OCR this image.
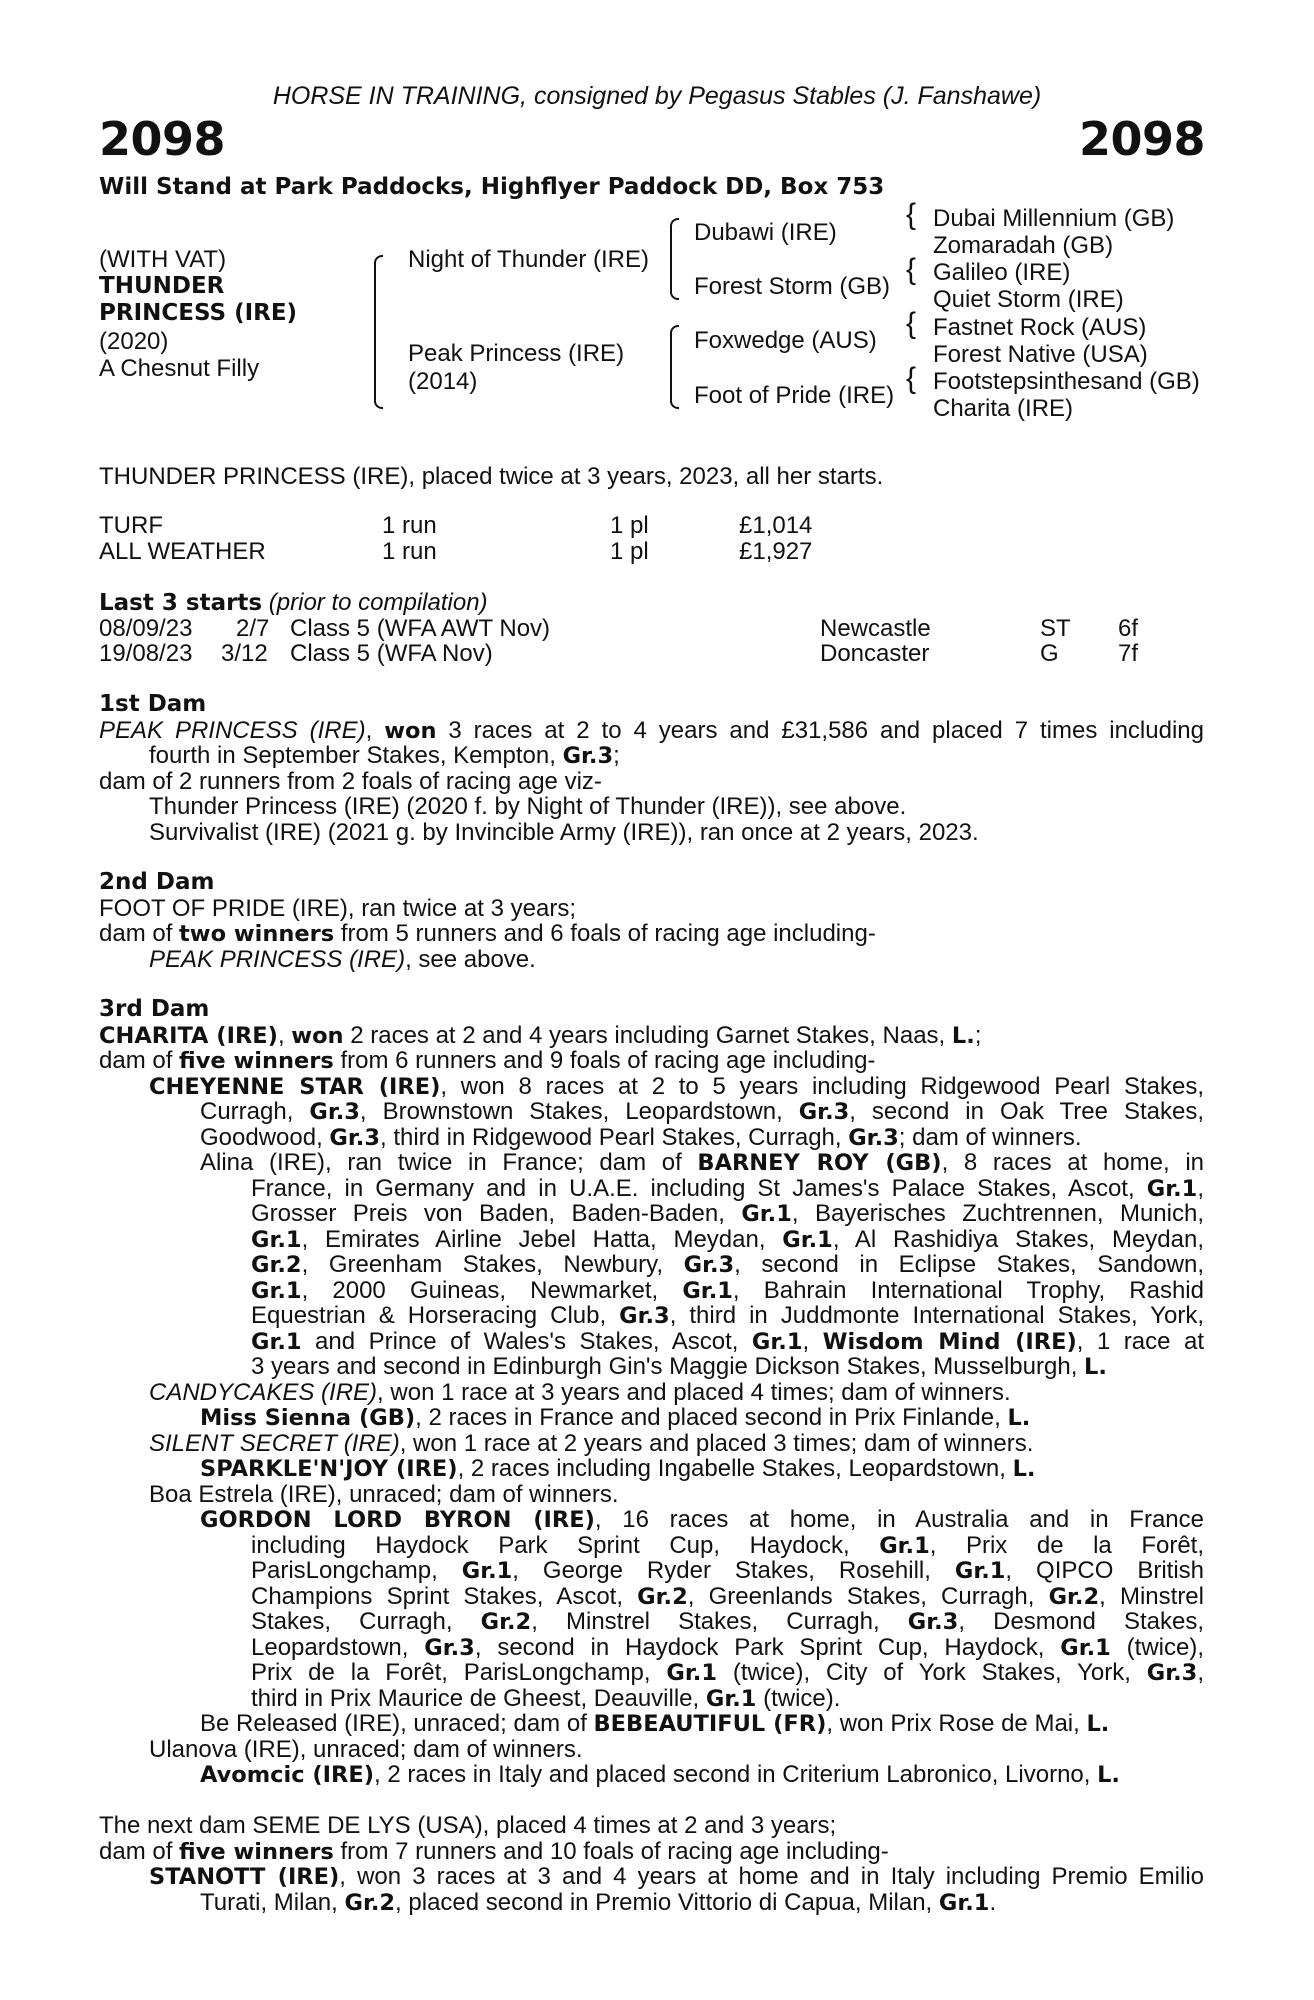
HORSE IN TRAINING, consigned by Pegasus Stables (J. Fanshawe)
2098	2098
Will Stand at Park Paddocks, Highflyer Paddock DD, Box 753
(WITH VAT)
THUNDER
PRINCESS (IRE)
(2020)
A Chesnut Filly
{
{
{
{
Night of Thunder (IRE)
Peak Princess (IRE)
(2014)
Dubawi (IRE)
Forest Storm (GB)
Foxwedge (AUS)
Foot of Pride (IRE)
Dubai Millennium (GB)
Zomaradah (GB)
Galileo (IRE)
Quiet Storm (IRE)
Fastnet Rock (AUS)
Forest Native (USA)
Footstepsinthesand (GB)
Charita (IRE)
THUNDER PRINCESS (IRE), placed twice at 3 years, 2023, all her starts.
TURF	1 run	1 pl	£1,014
ALL WEATHER	1 run	1 pl	£1,927
Last 3 starts (prior to compilation)
08/09/23 2/7 Class 5 (WFA AWT Nov)	Newcastle	ST 6f
19/08/23 3/12 Class 5 (WFA Nov)	Doncaster	G 7f
1st Dam
PEAK PRINCESS (IRE), won 3 races at 2 to 4 years and £31,586 and placed 7 times including
fourth in September Stakes, Kempton, Gr.3;
dam of 2 runners from 2 foals of racing age viz-
Thunder Princess (IRE) (2020 f. by Night of Thunder (IRE)), see above.
Survivalist (IRE) (2021 g. by Invincible Army (IRE)), ran once at 2 years, 2023.
2nd Dam
FOOT OF PRIDE (IRE), ran twice at 3 years;
dam of two winners from 5 runners and 6 foals of racing age including-
PEAK PRINCESS (IRE), see above.
3rd Dam
CHARITA (IRE), won 2 races at 2 and 4 years including Garnet Stakes, Naas, L.;
dam of five winners from 6 runners and 9 foals of racing age including-
CHEYENNE STAR (IRE), won 8 races at 2 to 5 years including Ridgewood Pearl Stakes,
Curragh, Gr.3, Brownstown Stakes, Leopardstown, Gr.3, second in Oak Tree Stakes,
Goodwood, Gr.3, third in Ridgewood Pearl Stakes, Curragh, Gr.3; dam of winners.
Alina (IRE), ran twice in France; dam of BARNEY ROY (GB), 8 races at home, in
France, in Germany and in U.A.E. including St James's Palace Stakes, Ascot, Gr.1,
Grosser Preis von Baden, Baden-Baden, Gr.1, Bayerisches Zuchtrennen, Munich,
Gr.1, Emirates Airline Jebel Hatta, Meydan, Gr.1, Al Rashidiya Stakes, Meydan,
Gr.2, Greenham Stakes, Newbury, Gr.3, second in Eclipse Stakes, Sandown,
Gr.1, 2000 Guineas, Newmarket, Gr.1, Bahrain International Trophy, Rashid
Equestrian & Horseracing Club, Gr.3, third in Juddmonte International Stakes, York,
Gr.1 and Prince of Wales's Stakes, Ascot, Gr.1, Wisdom Mind (IRE), 1 race at
3 years and second in Edinburgh Gin's Maggie Dickson Stakes, Musselburgh, L.
CANDYCAKES (IRE), won 1 race at 3 years and placed 4 times; dam of winners.
Miss Sienna (GB), 2 races in France and placed second in Prix Finlande, L.
SILENT SECRET (IRE), won 1 race at 2 years and placed 3 times; dam of winners.
SPARKLE'N'JOY (IRE), 2 races including Ingabelle Stakes, Leopardstown, L.
Boa Estrela (IRE), unraced; dam of winners.
GORDON LORD BYRON (IRE), 16 races at home, in Australia and in France
including Haydock Park Sprint Cup, Haydock, Gr.1, Prix de la Forêt,
ParisLongchamp, Gr.1, George Ryder Stakes, Rosehill, Gr.1, QIPCO British
Champions Sprint Stakes, Ascot, Gr.2, Greenlands Stakes, Curragh, Gr.2, Minstrel
Stakes, Curragh, Gr.2, Minstrel Stakes, Curragh, Gr.3, Desmond Stakes,
Leopardstown, Gr.3, second in Haydock Park Sprint Cup, Haydock, Gr.1 (twice),
Prix de la Forêt, ParisLongchamp, Gr.1 (twice), City of York Stakes, York, Gr.3,
third in Prix Maurice de Gheest, Deauville, Gr.1 (twice).
Be Released (IRE), unraced; dam of BEBEAUTIFUL (FR), won Prix Rose de Mai, L.
Ulanova (IRE), unraced; dam of winners.
Avomcic (IRE), 2 races in Italy and placed second in Criterium Labronico, Livorno, L.
The next dam SEME DE LYS (USA), placed 4 times at 2 and 3 years;
dam of five winners from 7 runners and 10 foals of racing age including-
STANOTT (IRE), won 3 races at 3 and 4 years at home and in Italy including Premio Emilio
Turati, Milan, Gr.2, placed second in Premio Vittorio di Capua, Milan, Gr.1.
